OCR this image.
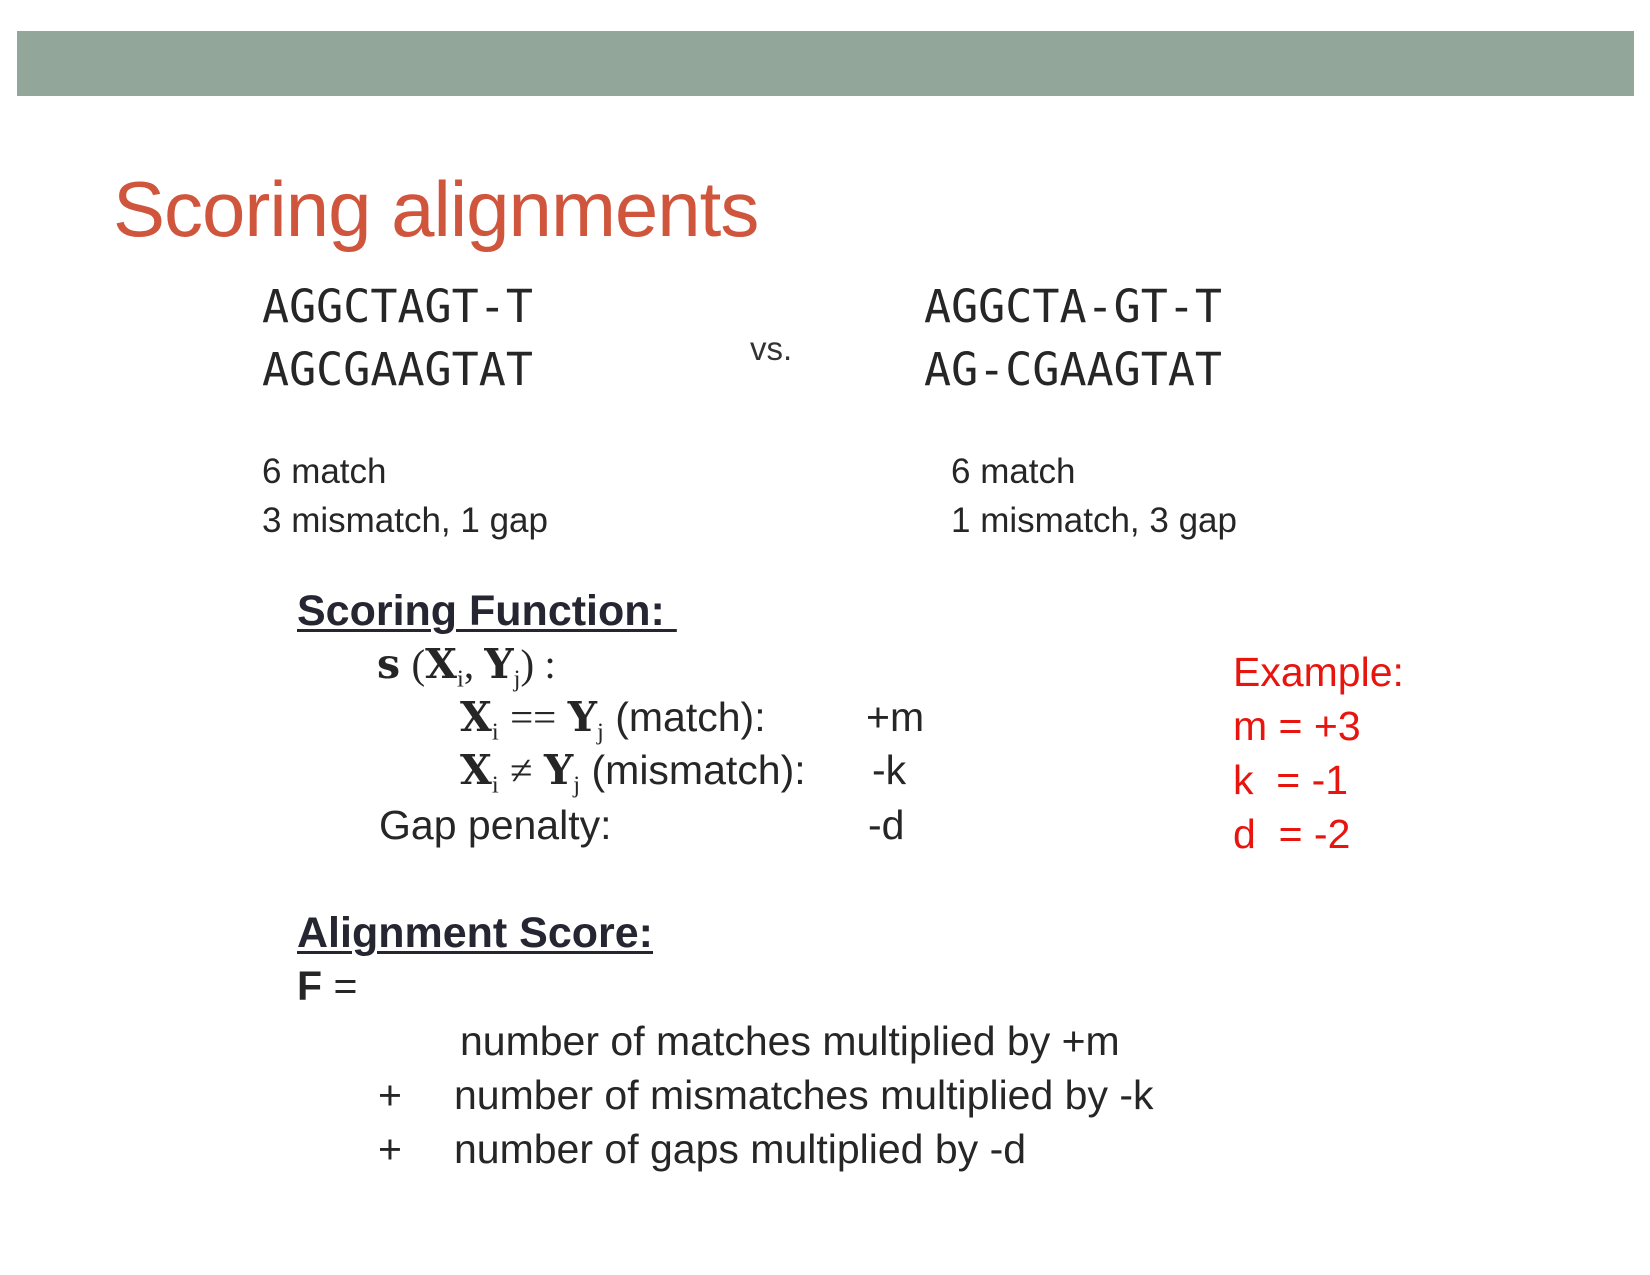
Scoring alignments
AGGCTAGT-T
AGCGAAGTAT	vs.
AGGCTA-GT-T
AG-CGAAGTAT
6 match
3 mismatch, 1 gap
6 match
1 mismatch, 3 gap
Scoring Function:
s ($X_i$, $Y_j$) :
$X_i == Y_j$ (match): +m
$X_i \ne Y_j$ (mismatch): -k
Gap penalty:	-d
Example:
m = +3
k  = -1
d  = -2
Alignment Score:
F =
number of matches multiplied by +m
+ number of mismatches multiplied by -k
+ number of gaps multiplied by -d
